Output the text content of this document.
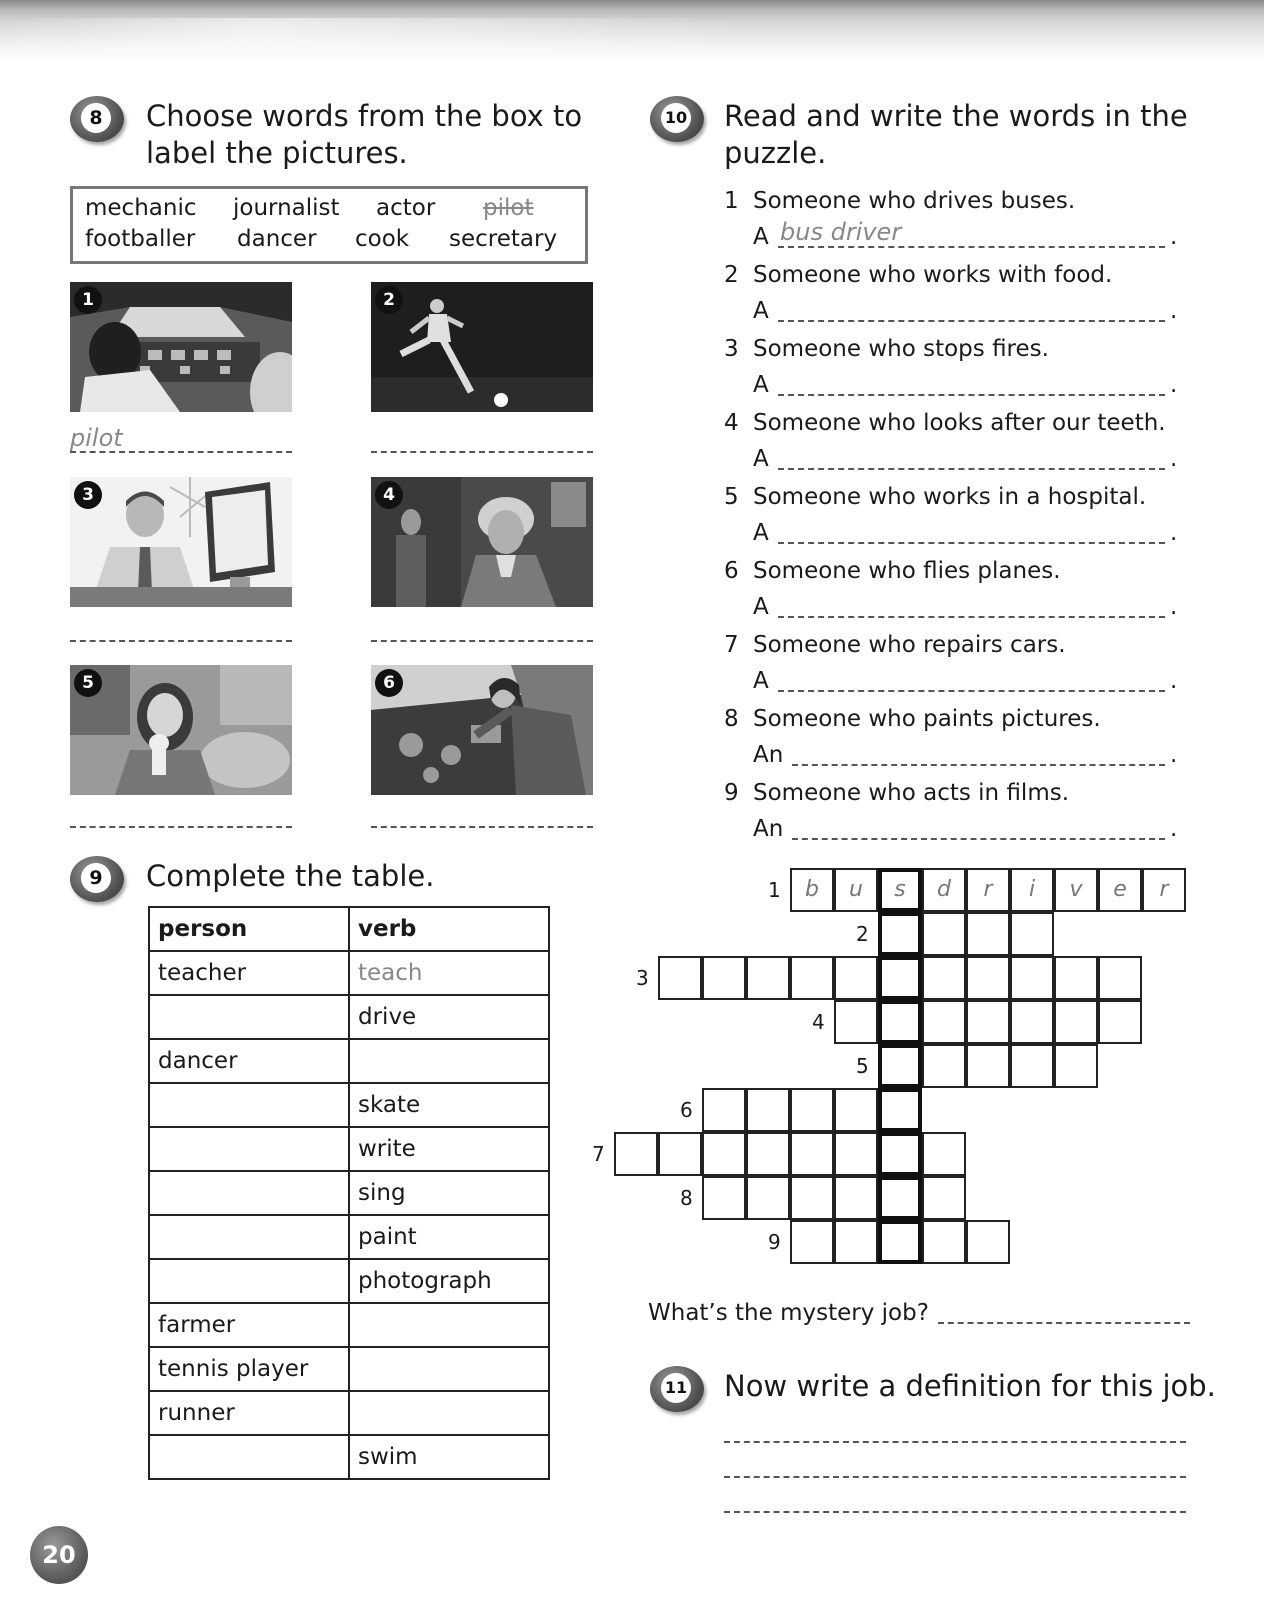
8 Choose words from the box to
label the pictures.
mechanic journalist actor pilot
footballer dancer cook secretary
1	2
3	4
5	6
pilot
9 Complete the table.
person	verb
teacher	teach
	drive
dancer	
	skate
	write
	sing
	paint
	photograph
farmer	
tennis player	
runner	
	swim
10 Read and write the words in the
puzzle.
1 Someone who drives buses.
A bus driver	.
2 Someone who works with food.
A	.
3 Someone who stops fires.
A	.
4 Someone who looks after our teeth.
A	.
5 Someone who works in a hospital.
A	.
6 Someone who flies planes.
A	.
7 Someone who repairs cars.
A	.
8 Someone who paints pictures.
An	.
9 Someone who acts in films.
An	.
b	u	s	d	r	i	v	e	r
1
2
3
4
5
6
7
8
9
What’s the mystery job?
11 Now write a definition for this job.
20
